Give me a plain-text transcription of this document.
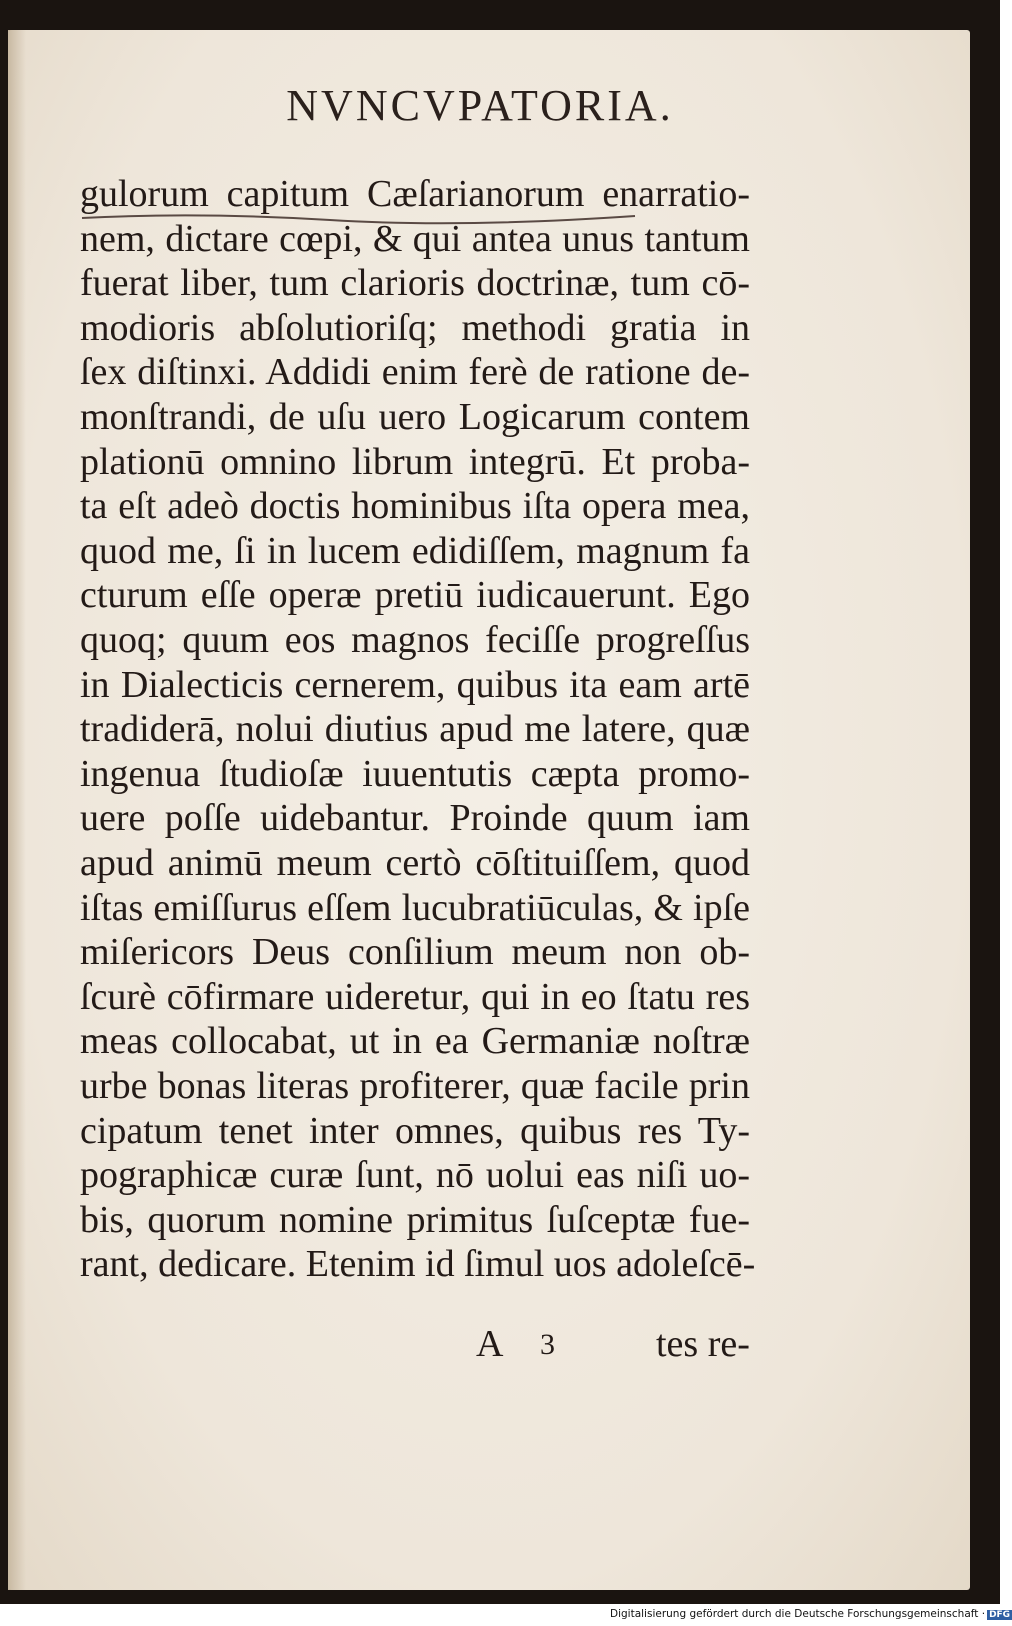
NVNCVPATORIA.
gulorum capitum Cæſarianorum enarratio-
nem, dictare cœpi, & qui antea unus tantum
fuerat liber, tum clarioris doctrinæ, tum cō-
modioris abſolutioriſq; methodi gratia in
ſex diſtinxi. Addidi enim ferè de ratione de-
monſtrandi, de uſu uero Logicarum contem
plationū omnino librum integrū. Et proba-
ta eſt adeò doctis hominibus iſta opera mea,
quod me, ſi in lucem edidiſſem, magnum fa
cturum eſſe operæ pretiū iudicauerunt. Ego
quoq; quum eos magnos feciſſe progreſſus
in Dialecticis cernerem, quibus ita eam artē
tradiderā, nolui diutius apud me latere, quæ
ingenua ſtudioſæ iuuentutis cæpta promo-
uere poſſe uidebantur. Proinde quum iam
apud animū meum certò cōſtituiſſem, quod
iſtas emiſſurus eſſem lucubratiūculas, & ipſe
miſericors Deus conſilium meum non ob-
ſcurè cōfirmare uideretur, qui in eo ſtatu res
meas collocabat, ut in ea Germaniæ noſtræ
urbe bonas literas profiterer, quæ facile prin
cipatum tenet inter omnes, quibus res Ty-
pographicæ curæ ſunt, nō uolui eas niſi uo-
bis, quorum nomine primitus ſuſceptæ fue-
rant, dedicare. Etenim id ſimul uos adoleſcē-
A 3	tes re-
Digitalisierung gefördert durch die Deutsche Forschungsgemeinschaft · DFG
